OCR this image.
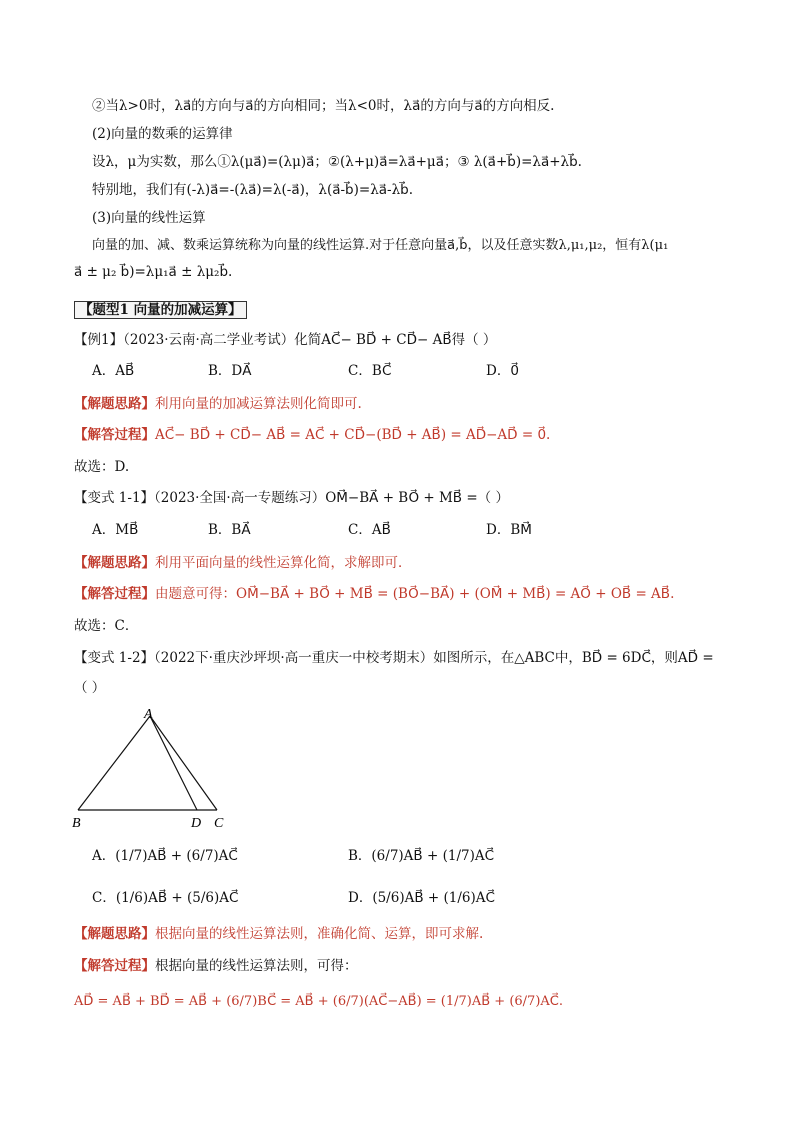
②当λ>0时，λa⃗的方向与a⃗的方向相同；当λ<0时，λa⃗的方向与a⃗的方向相反.
(2)向量的数乘的运算律
设λ，μ为实数，那么①λ(μa⃗)=(λμ)a⃗；②(λ+μ)a⃗=λa⃗+μa⃗；③ λ(a⃗+b⃗)=λa⃗+λb⃗.
特别地，我们有(-λ)a⃗=-(λa⃗)=λ(-a⃗)，λ(a⃗-b⃗)=λa⃗-λb⃗.
(3)向量的线性运算
向量的加、减、数乘运算统称为向量的线性运算.对于任意向量a⃗,b⃗，以及任意实数λ,μ₁,μ₂，恒有λ(μ₁
a⃗ ± μ₂ b⃗)=λμ₁a⃗ ± λμ₂b⃗.
【题型1 向量的加减运算】
【例1】（2023·云南·高二学业考试）化简AC⃗− BD⃗ + CD⃗− AB⃗得（ ）
A．AB⃗	B．DA⃗	C．BC⃗	D．0⃗
【解题思路】利用向量的加减运算法则化简即可.
【解答过程】AC⃗− BD⃗ + CD⃗− AB⃗ = AC⃗ + CD⃗−(BD⃗ + AB⃗) = AD⃗−AD⃗ = 0⃗.
故选：D.
【变式 1-1】（2023·全国·高一专题练习）OM⃗−BA⃗ + BO⃗ + MB⃗ =（ ）
A．MB⃗	B．BA⃗	C．AB⃗	D．BM⃗
【解题思路】利用平面向量的线性运算化简，求解即可．
【解答过程】由题意可得：OM⃗−BA⃗ + BO⃗ + MB⃗ = (BO⃗−BA⃗) + (OM⃗ + MB⃗) = AO⃗ + OB⃗ = AB⃗.
故选：C．
【变式 1-2】（2022下·重庆沙坪坝·高一重庆一中校考期末）如图所示，在△ABC中，BD⃗ = 6DC⃗，则AD⃗ =
（ ）
A
B	D C
A．(1/7)AB⃗ + (6/7)AC⃗	B．(6/7)AB⃗ + (1/7)AC⃗
C．(1/6)AB⃗ + (5/6)AC⃗	D．(5/6)AB⃗ + (1/6)AC⃗
【解题思路】根据向量的线性运算法则，准确化简、运算，即可求解.
【解答过程】根据向量的线性运算法则，可得：
AD⃗ = AB⃗ + BD⃗ = AB⃗ + (6/7)BC⃗ = AB⃗ + (6/7)(AC⃗−AB⃗) = (1/7)AB⃗ + (6/7)AC⃗.
